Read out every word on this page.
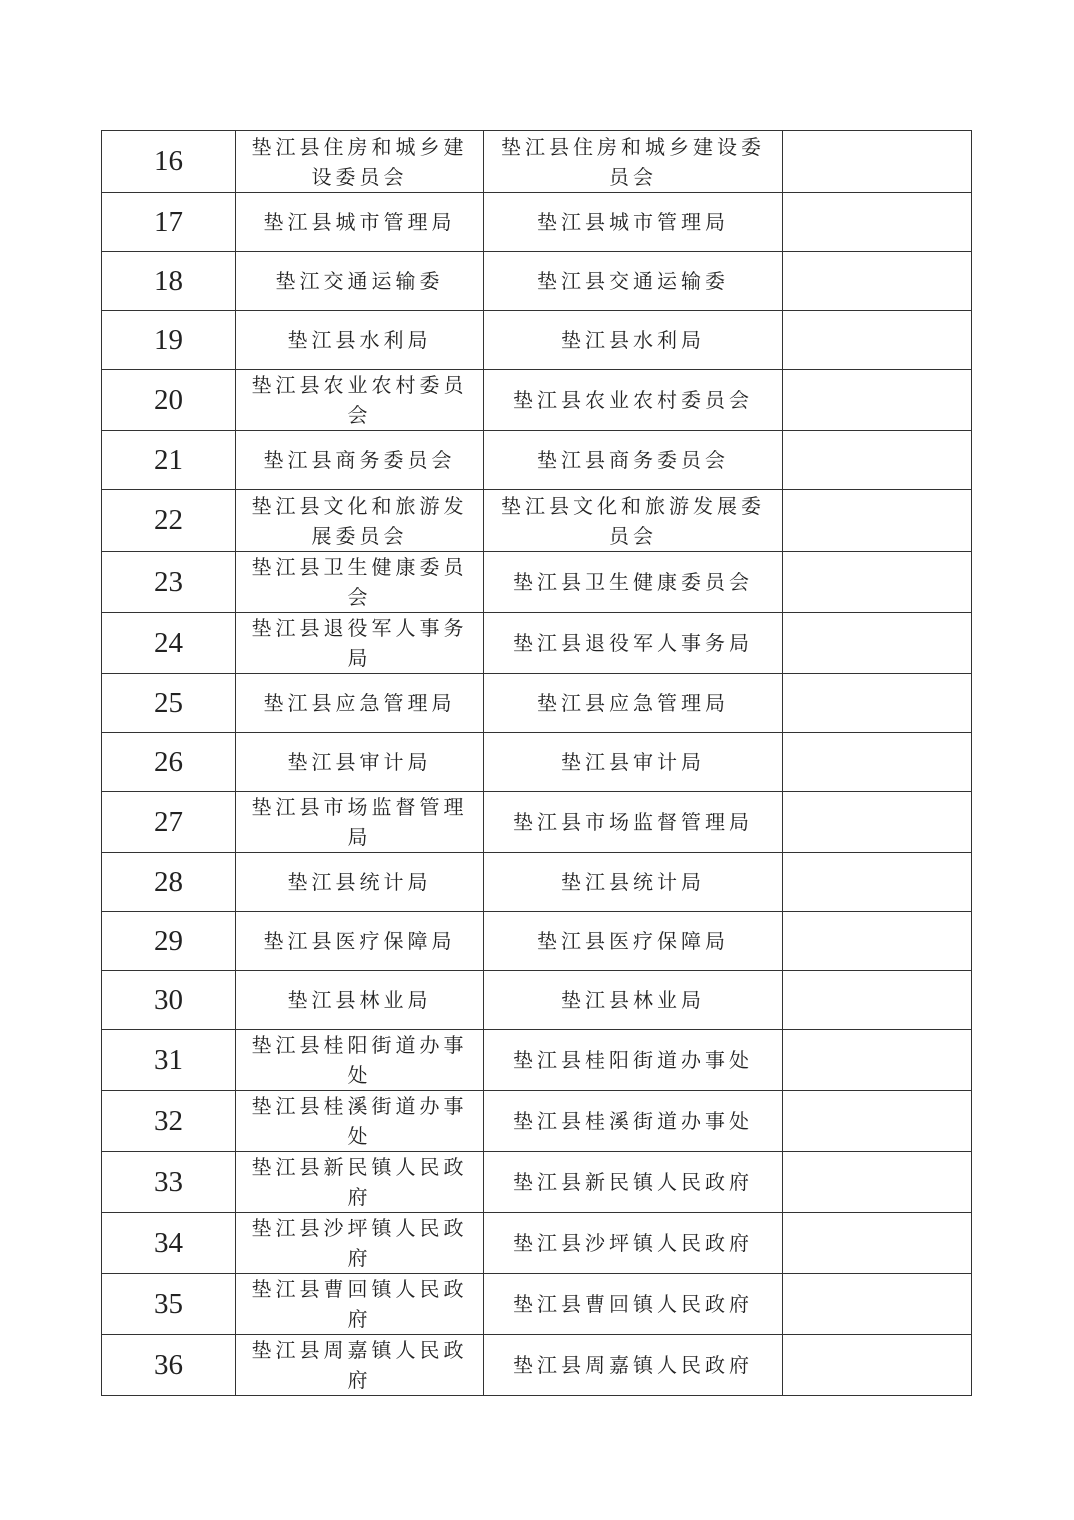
16	垫江县住房和城乡建设委员会	垫江县住房和城乡建设委员会	
17	垫江县城市管理局	垫江县城市管理局	
18	垫江交通运输委	垫江县交通运输委	
19	垫江县水利局	垫江县水利局	
20	垫江县农业农村委员会	垫江县农业农村委员会	
21	垫江县商务委员会	垫江县商务委员会	
22	垫江县文化和旅游发展委员会	垫江县文化和旅游发展委员会	
23	垫江县卫生健康委员会	垫江县卫生健康委员会	
24	垫江县退役军人事务局	垫江县退役军人事务局	
25	垫江县应急管理局	垫江县应急管理局	
26	垫江县审计局	垫江县审计局	
27	垫江县市场监督管理局	垫江县市场监督管理局	
28	垫江县统计局	垫江县统计局	
29	垫江县医疗保障局	垫江县医疗保障局	
30	垫江县林业局	垫江县林业局	
31	垫江县桂阳街道办事处	垫江县桂阳街道办事处	
32	垫江县桂溪街道办事处	垫江县桂溪街道办事处	
33	垫江县新民镇人民政府	垫江县新民镇人民政府	
34	垫江县沙坪镇人民政府	垫江县沙坪镇人民政府	
35	垫江县曹回镇人民政府	垫江县曹回镇人民政府	
36	垫江县周嘉镇人民政府	垫江县周嘉镇人民政府	
